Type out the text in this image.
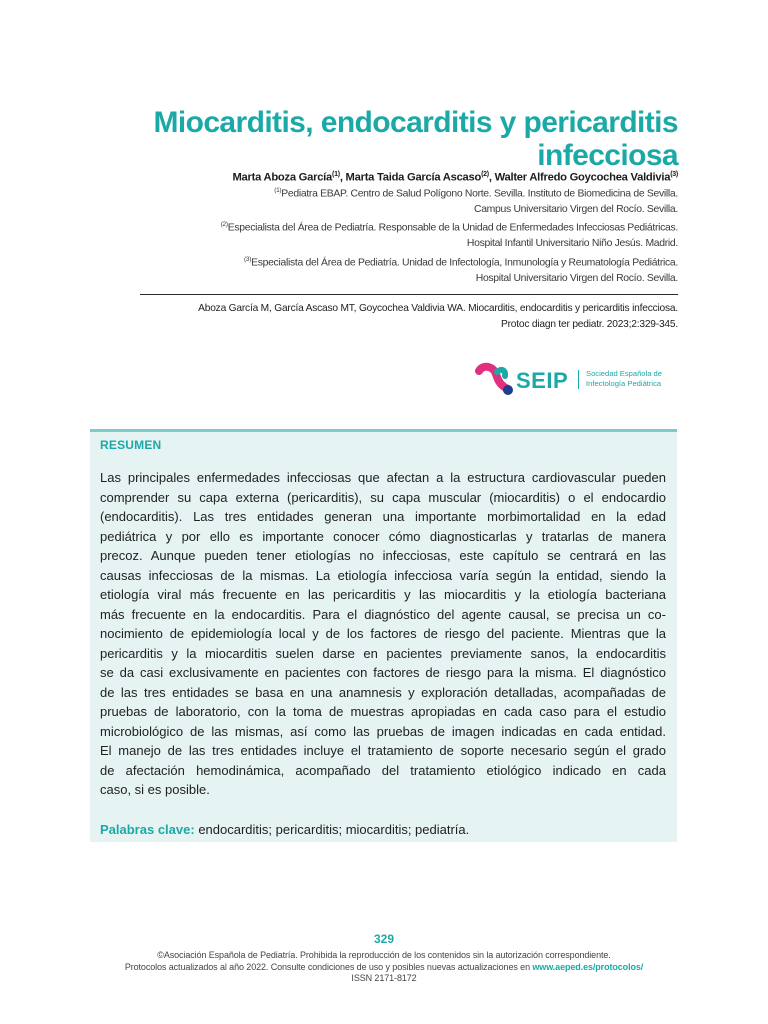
Miocarditis, endocarditis y pericarditis
infecciosa
Marta Aboza García$^{(1)}$, Marta Taida García Ascaso$^{(2)}$, Walter Alfredo Goycochea Valdivia$^{(3)}$
$^{(1)}$Pediatra EBAP. Centro de Salud Polígono Norte. Sevilla. Instituto de Biomedicina de Sevilla.
Campus Universitario Virgen del Rocío. Sevilla.
$^{(2)}$Especialista del Área de Pediatría. Responsable de la Unidad de Enfermedades Infecciosas Pediátricas.
Hospital Infantil Universitario Niño Jesús. Madrid.
$^{(3)}$Especialista del Área de Pediatría. Unidad de Infectología, Inmunología y Reumatología Pediátrica.
Hospital Universitario Virgen del Rocío. Sevilla.
Aboza García M, García Ascaso MT, Goycochea Valdivia WA. Miocarditis, endocarditis y pericarditis infecciosa.
Protoc diagn ter pediatr. 2023;2:329-345.
SEIP Sociedad Española de
Infectología Pediátrica
RESUMEN
Las principales enfermedades infecciosas que afectan a la estructura cardiovascular pueden
comprender su capa externa (pericarditis), su capa muscular (miocarditis) o el endocardio
(endocarditis). Las tres entidades generan una importante morbimortalidad en la edad
pediátrica y por ello es importante conocer cómo diagnosticarlas y tratarlas de manera
precoz. Aunque pueden tener etiologías no infecciosas, este capítulo se centrará en las
causas infecciosas de la mismas. La etiología infecciosa varía según la entidad, siendo la
etiología viral más frecuente en las pericarditis y las miocarditis y la etiología bacteriana
más frecuente en la endocarditis. Para el diagnóstico del agente causal, se precisa un co-
nocimiento de epidemiología local y de los factores de riesgo del paciente. Mientras que la
pericarditis y la miocarditis suelen darse en pacientes previamente sanos, la endocarditis
se da casi exclusivamente en pacientes con factores de riesgo para la misma. El diagnóstico
de las tres entidades se basa en una anamnesis y exploración detalladas, acompañadas de
pruebas de laboratorio, con la toma de muestras apropiadas en cada caso para el estudio
microbiológico de las mismas, así como las pruebas de imagen indicadas en cada entidad.
El manejo de las tres entidades incluye el tratamiento de soporte necesario según el grado
de afectación hemodinámica, acompañado del tratamiento etiológico indicado en cada
caso, si es posible.
Palabras clave: endocarditis; pericarditis; miocarditis; pediatría.
329
©Asociación Española de Pediatría. Prohibida la reproducción de los contenidos sin la autorización correspondiente.
Protocolos actualizados al año 2022. Consulte condiciones de uso y posibles nuevas actualizaciones en www.aeped.es/protocolos/
ISSN 2171-8172
